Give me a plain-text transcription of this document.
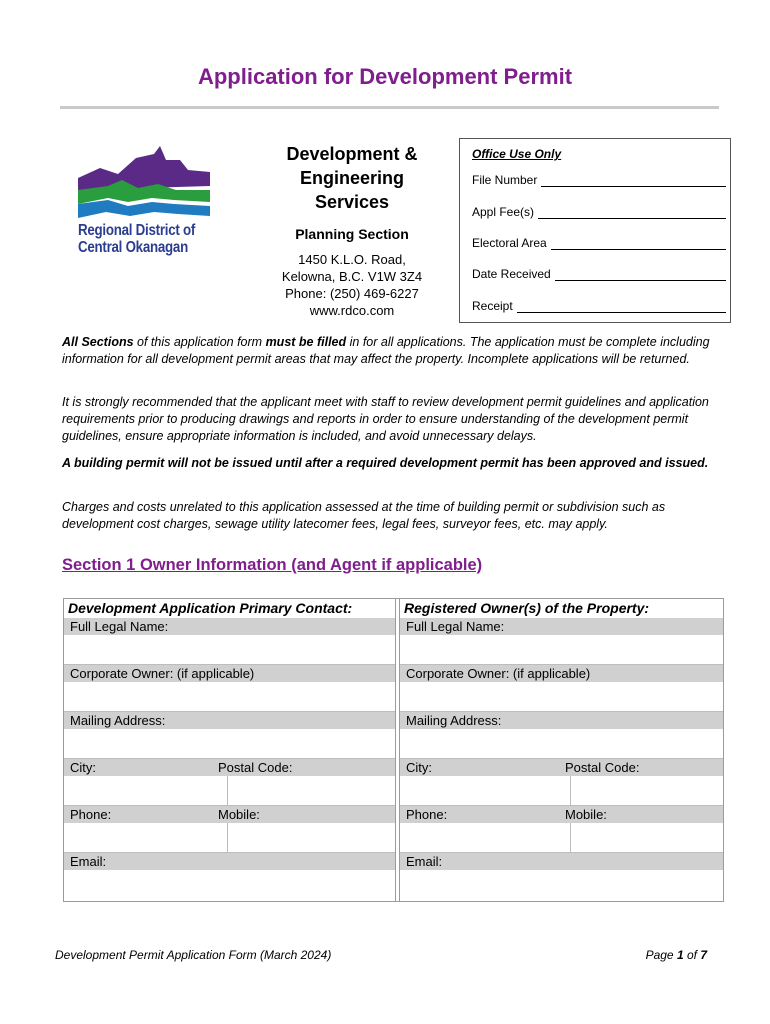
Application for Development Permit
Regional District of
Central Okanagan
Development &
Engineering
Services
Planning Section
1450 K.L.O. Road,
Kelowna, B.C. V1W 3Z4
Phone: (250) 469-6227
www.rdco.com
Office Use Only
File Number
Appl Fee(s)
Electoral Area
Date Received
Receipt
All Sections of this application form must be filled in for all applications. The application must be complete including information for all development permit areas that may affect the property. Incomplete applications will be returned.
It is strongly recommended that the applicant meet with staff to review development permit guidelines and application requirements prior to producing drawings and reports in order to ensure understanding of the development permit guidelines, ensure appropriate information is included, and avoid unnecessary delays.
A building permit will not be issued until after a required development permit has been approved and issued.
Charges and costs unrelated to this application assessed at the time of building permit or subdivision such as development cost charges, sewage utility latecomer fees, legal fees, surveyor fees, etc. may apply.
Section 1 Owner Information (and Agent if applicable)
Development Application Primary Contact:
Full Legal Name:
Corporate Owner: (if applicable)
Mailing Address:
City:	Postal Code:
Phone:	Mobile:
Email:
Registered Owner(s) of the Property:
Full Legal Name:
Corporate Owner: (if applicable)
Mailing Address:
City:	Postal Code:
Phone:	Mobile:
Email:
Development Permit Application Form (March 2024)	Page 1 of 7
